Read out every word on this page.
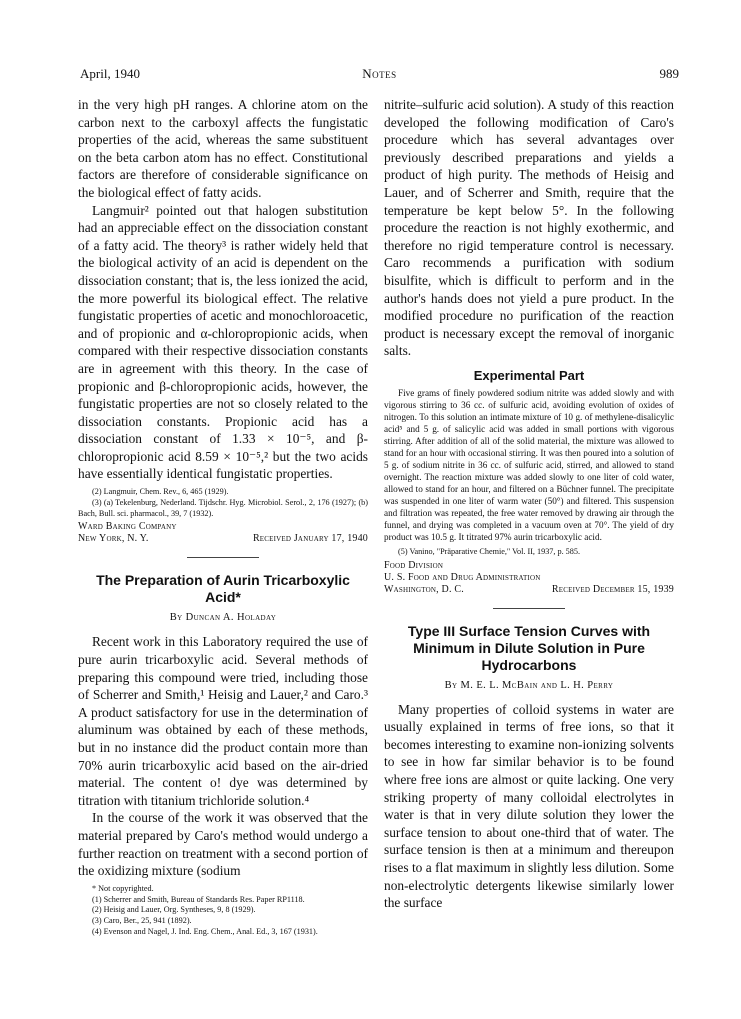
April, 1940	Notes	989

in the very high pH ranges. A chlorine atom on the carbon next to the carboxyl affects the fungistatic properties of the acid, whereas the same substituent on the beta carbon atom has no effect. Constitutional factors are therefore of considerable significance on the biological effect of fatty acids.

Langmuir² pointed out that halogen substitution had an appreciable effect on the dissociation constant of a fatty acid. The theory³ is rather widely held that the biological activity of an acid is dependent on the dissociation constant; that is, the less ionized the acid, the more powerful its biological effect. The relative fungistatic properties of acetic and monochloroacetic, and of propionic and α-chloropropionic acids, when compared with their respective dissociation constants are in agreement with this theory. In the case of propionic and β-chloropropionic acids, however, the fungistatic properties are not so closely related to the dissociation constants. Propionic acid has a dissociation constant of 1.33 × 10⁻⁵, and β-chloropropionic acid 8.59 × 10⁻⁵,² but the two acids have essentially identical fungistatic properties.

(2) Langmuir, Chem. Rev., 6, 465 (1929).

(3) (a) Tekelenburg, Nederland. Tijdschr. Hyg. Microbiol. Serol., 2, 176 (1927); (b) Bach, Bull. sci. pharmacol., 39, 7 (1932).

Ward Baking Company
New York, N. Y.	Received January 17, 1940

The Preparation of Aurin Tricarboxylic Acid*

By Duncan A. Holaday

Recent work in this Laboratory required the use of pure aurin tricarboxylic acid. Several methods of preparing this compound were tried, including those of Scherrer and Smith,¹ Heisig and Lauer,² and Caro.³ A product satisfactory for use in the determination of aluminum was obtained by each of these methods, but in no instance did the product contain more than 70% aurin tricarboxylic acid based on the air-dried material. The content o! dye was determined by titration with titanium trichloride solution.⁴

In the course of the work it was observed that the material prepared by Caro's method would undergo a further reaction on treatment with a second portion of the oxidizing mixture (sodium

* Not copyrighted.

(1) Scherrer and Smith, Bureau of Standards Res. Paper RP1118.

(2) Heisig and Lauer, Org. Syntheses, 9, 8 (1929).

(3) Caro, Ber., 25, 941 (1892).

(4) Evenson and Nagel, J. Ind. Eng. Chem., Anal. Ed., 3, 167 (1931).

nitrite–sulfuric acid solution). A study of this reaction developed the following modification of Caro's procedure which has several advantages over previously described preparations and yields a product of high purity. The methods of Heisig and Lauer, and of Scherrer and Smith, require that the temperature be kept below 5°. In the following procedure the reaction is not highly exothermic, and therefore no rigid temperature control is necessary. Caro recommends a purification with sodium bisulfite, which is difficult to perform and in the author's hands does not yield a pure product. In the modified procedure no purification of the reaction product is necessary except the removal of inorganic salts.

Experimental Part

Five grams of finely powdered sodium nitrite was added slowly and with vigorous stirring to 36 cc. of sulfuric acid, avoiding evolution of oxides of nitrogen. To this solution an intimate mixture of 10 g. of methylene-disalicylic acid⁵ and 5 g. of salicylic acid was added in small portions with vigorous stirring. After addition of all of the solid material, the mixture was allowed to stand for an hour with occasional stirring. It was then poured into a solution of 5 g. of sodium nitrite in 36 cc. of sulfuric acid, stirred, and allowed to stand overnight. The reaction mixture was added slowly to one liter of cold water, allowed to stand for an hour, and filtered on a Büchner funnel. The precipitate was suspended in one liter of warm water (50°) and filtered. This suspension and filtration was repeated, the free water removed by drawing air through the funnel, and drying was completed in a vacuum oven at 70°. The yield of dry product was 10.5 g. It titrated 97% aurin tricarboxylic acid.

(5) Vanino, "Präparative Chemie," Vol. II, 1937, p. 585.

Food Division
U. S. Food and Drug Administration
Washington, D. C.	Received December 15, 1939

Type III Surface Tension Curves with Minimum in Dilute Solution in Pure Hydrocarbons

By M. E. L. McBain and L. H. Perry

Many properties of colloid systems in water are usually explained in terms of free ions, so that it becomes interesting to examine non-ionizing solvents to see in how far similar behavior is to be found where free ions are almost or quite lacking. One very striking property of many colloidal electrolytes in water is that in very dilute solution they lower the surface tension to about one-third that of water. The surface tension is then at a minimum and thereupon rises to a flat maximum in slightly less dilution. Some non-electrolytic detergents likewise similarly lower the surface
